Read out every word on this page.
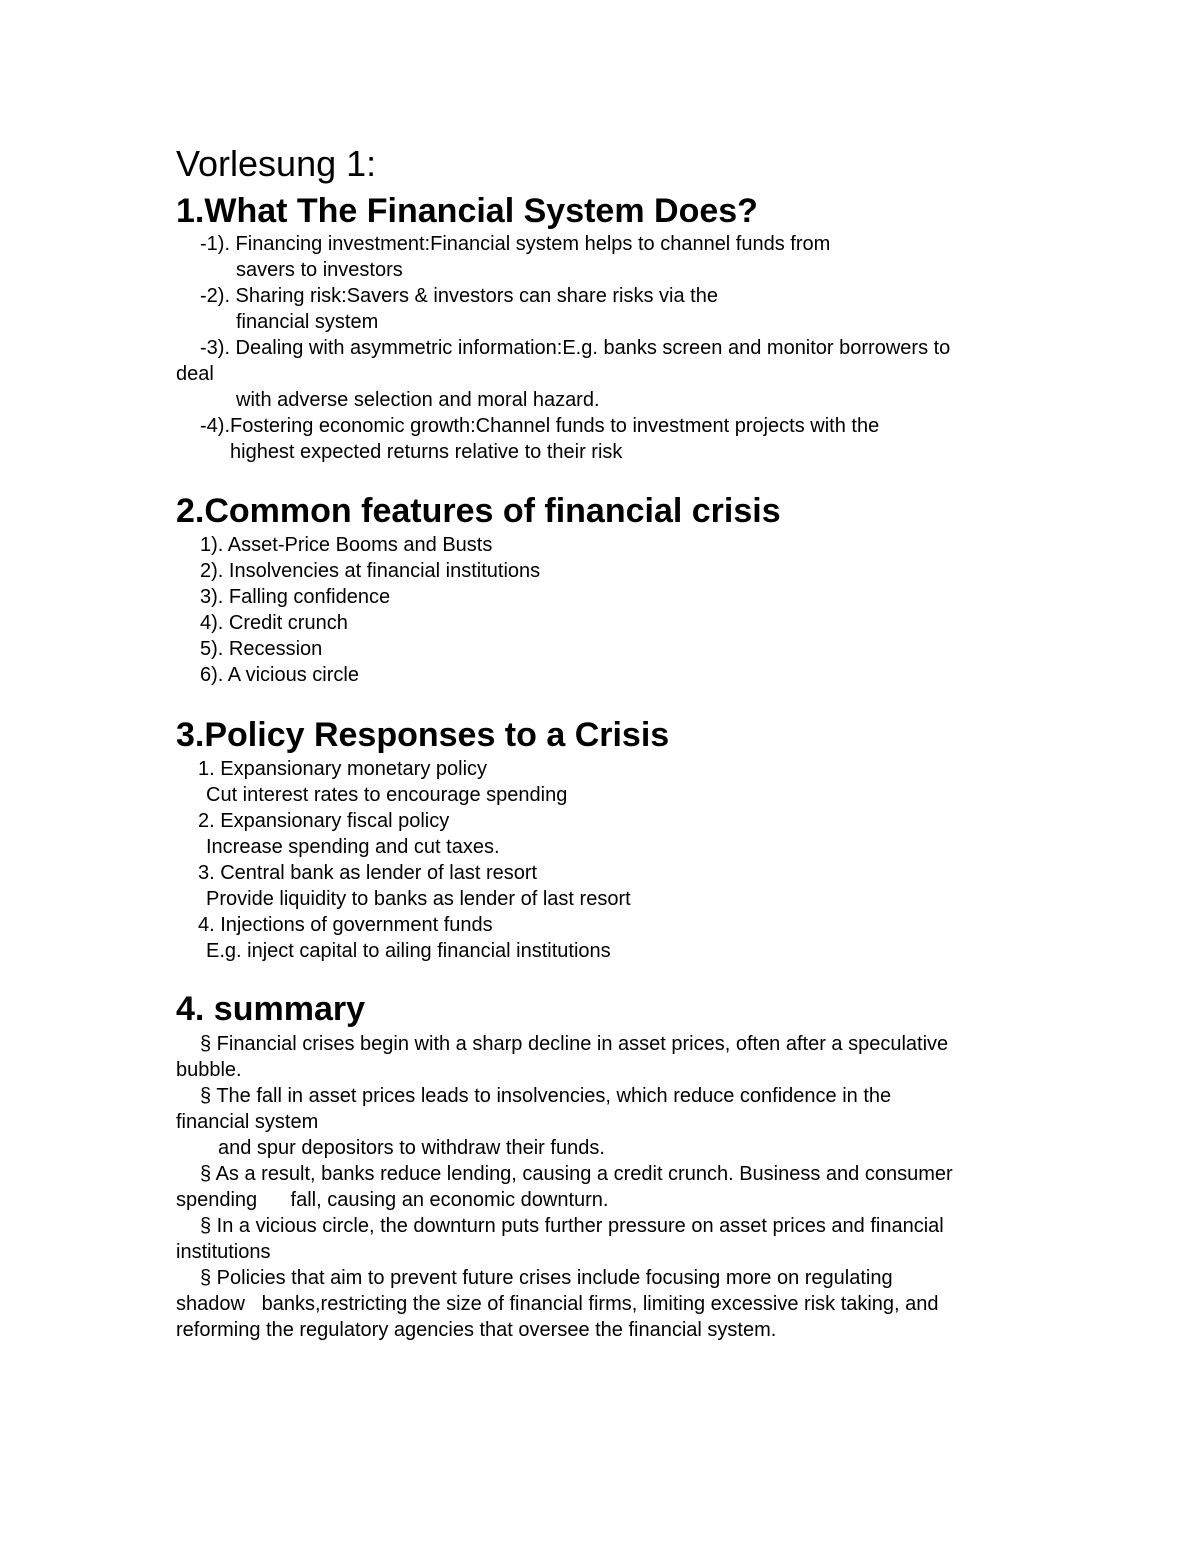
Vorlesung 1:
1.What The Financial System Does?
-1). Financing investment:Financial system helps to channel funds from
savers to investors
-2). Sharing risk:Savers & investors can share risks via the
financial system
-3). Dealing with asymmetric information:E.g. banks screen and monitor borrowers to
deal
with adverse selection and moral hazard.
-4).Fostering economic growth:Channel funds to investment projects with the
highest expected returns relative to their risk
2.Common features of financial crisis
1). Asset-Price Booms and Busts
2). Insolvencies at financial institutions
3). Falling confidence
4). Credit crunch
5). Recession
6). A vicious circle
3.Policy Responses to a Crisis
1. Expansionary monetary policy
Cut interest rates to encourage spending
2. Expansionary fiscal policy
Increase spending and cut taxes.
3. Central bank as lender of last resort
Provide liquidity to banks as lender of last resort
4. Injections of government funds
E.g. inject capital to ailing financial institutions
4. summary
§ Financial crises begin with a sharp decline in asset prices, often after a speculative
bubble.
§ The fall in asset prices leads to insolvencies, which reduce confidence in the
financial system
and spur depositors to withdraw their funds.
§ As a result, banks reduce lending, causing a credit crunch. Business and consumer
spending      fall, causing an economic downturn.
§ In a vicious circle, the downturn puts further pressure on asset prices and financial
institutions
§ Policies that aim to prevent future crises include focusing more on regulating
shadow   banks,restricting the size of financial firms, limiting excessive risk taking, and
reforming the regulatory agencies that oversee the financial system.
